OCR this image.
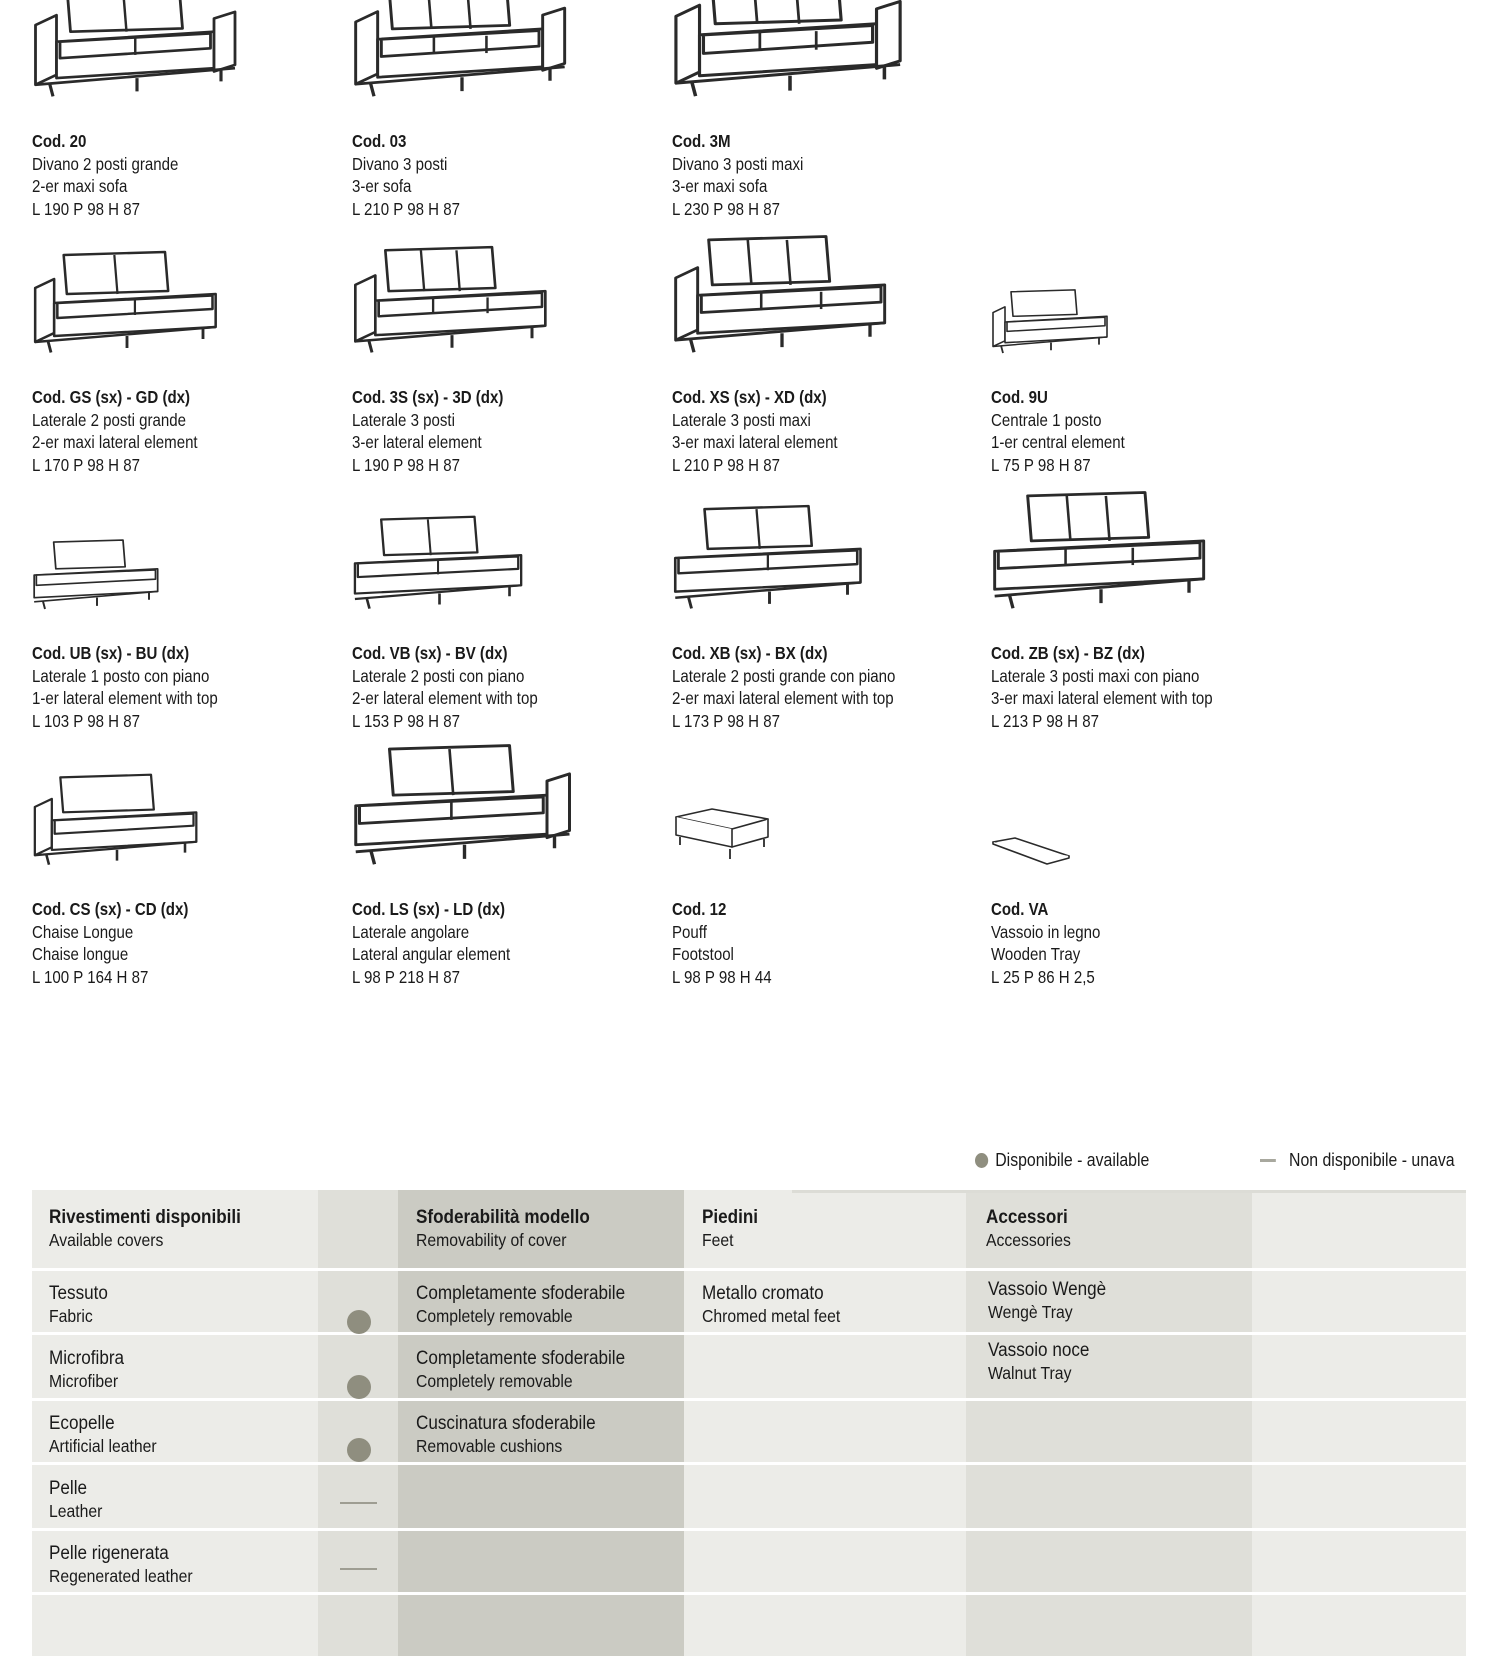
Cod. 20
Divano 2 posti grande
2-er maxi sofa
L 190 P 98 H 87
Cod. 03
Divano 3 posti
3-er sofa
L 210 P 98 H 87
Cod. 3M
Divano 3 posti maxi
3-er maxi sofa
L 230 P 98 H 87
Cod. GS (sx) - GD (dx)
Laterale 2 posti grande
2-er maxi lateral element
L 170 P 98 H 87
Cod. 3S (sx) - 3D (dx)
Laterale 3 posti
3-er lateral element
L 190 P 98 H 87
Cod. XS (sx) - XD (dx)
Laterale 3 posti maxi
3-er maxi lateral element
L 210 P 98 H 87
Cod. 9U
Centrale 1 posto
1-er central element
L 75 P 98 H 87
Cod. UB (sx) - BU (dx)
Laterale 1 posto con piano
1-er lateral element with top
L 103 P 98 H 87
Cod. VB (sx) - BV (dx)
Laterale 2 posti con piano
2-er lateral element with top
L 153 P 98 H 87
Cod. XB (sx) - BX (dx)
Laterale 2 posti grande con piano
2-er maxi lateral element with top
L 173 P 98 H 87
Cod. ZB (sx) - BZ (dx)
Laterale 3 posti maxi con piano
3-er maxi lateral element with top
L 213 P 98 H 87
Cod. CS (sx) - CD (dx)
Chaise Longue
Chaise longue
L 100 P 164 H 87
Cod. LS (sx) - LD (dx)
Laterale angolare
Lateral angular element
L 98 P 218 H 87
Cod. 12
Pouff
Footstool
L 98 P 98 H 44
Cod. VA
Vassoio in legno
Wooden Tray
L 25 P 86 H 2,5
Disponibile - available	Non disponibile - unava
Rivestimenti disponibili
Available covers
Sfoderabilità modello
Removability of cover
Piedini
Feet
Accessori
Accessories
Tessuto
Fabric
Completamente sfoderabile
Completely removable
Metallo cromato
Chromed metal feet
Vassoio Wengè
Wengè Tray
Microfibra
Microfiber
Completamente sfoderabile
Completely removable
Vassoio noce
Walnut Tray
Ecopelle
Artificial leather
Cuscinatura sfoderabile
Removable cushions
Pelle
Leather
Pelle rigenerata
Regenerated leather
